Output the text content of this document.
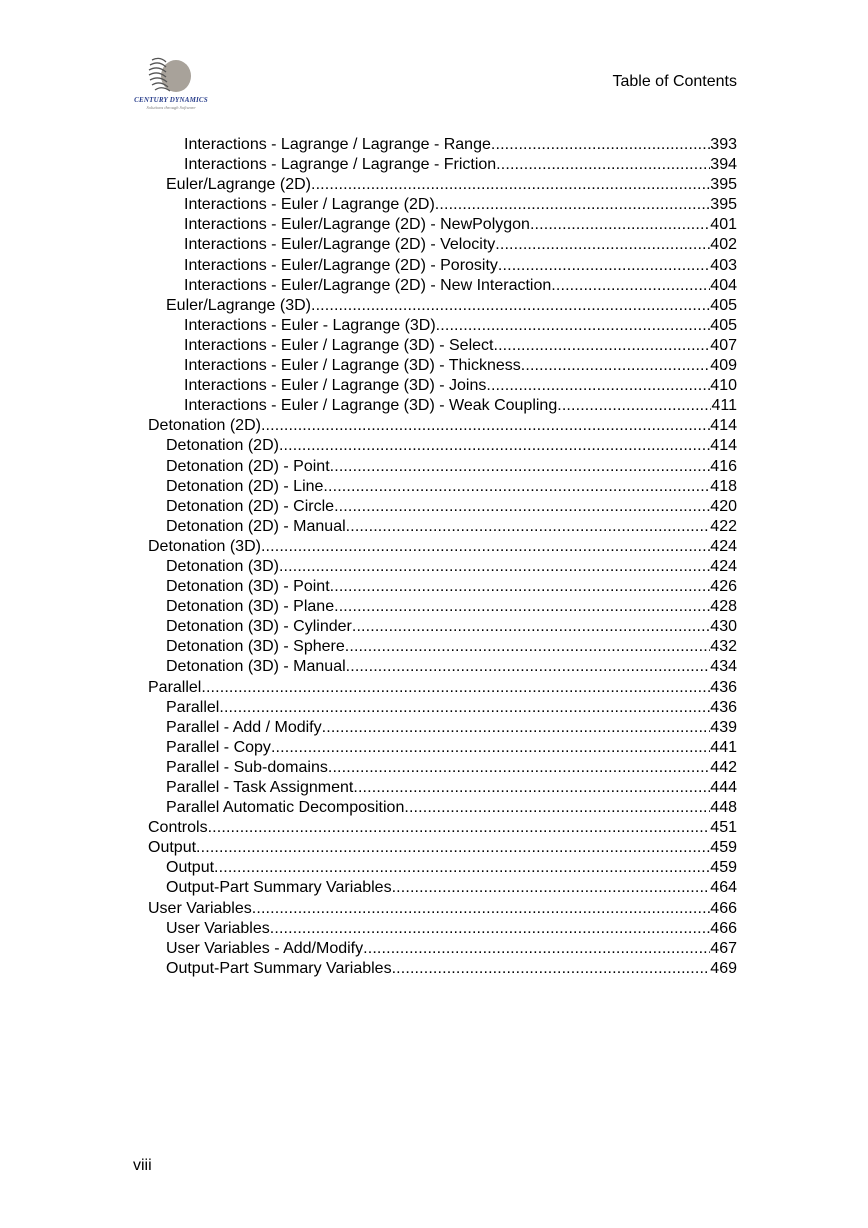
CENTURY DYNAMICS
Solutions through Software
Table of Contents
Interactions - Lagrange / Lagrange - Range .....	393
Interactions - Lagrange / Lagrange - Friction .....	394
Euler/Lagrange (2D) .....	395
Interactions - Euler / Lagrange (2D) .....	395
Interactions - Euler/Lagrange (2D) - NewPolygon .....	401
Interactions - Euler/Lagrange (2D) - Velocity .....	402
Interactions - Euler/Lagrange (2D) - Porosity .....	403
Interactions - Euler/Lagrange (2D) - New Interaction .....	404
Euler/Lagrange (3D) .....	405
Interactions - Euler - Lagrange (3D) .....	405
Interactions - Euler / Lagrange (3D) - Select .....	407
Interactions - Euler / Lagrange (3D) - Thickness .....	409
Interactions - Euler / Lagrange (3D) - Joins .....	410
Interactions - Euler / Lagrange (3D) - Weak Coupling .....	411
Detonation (2D) .....	414
Detonation (2D) .....	414
Detonation (2D) - Point .....	416
Detonation (2D) - Line .....	418
Detonation (2D) - Circle .....	420
Detonation (2D) - Manual .....	422
Detonation (3D) .....	424
Detonation (3D) .....	424
Detonation (3D) - Point .....	426
Detonation (3D) - Plane .....	428
Detonation (3D) - Cylinder .....	430
Detonation (3D) - Sphere .....	432
Detonation (3D) - Manual .....	434
Parallel .....	436
Parallel .....	436
Parallel - Add / Modify .....	439
Parallel - Copy .....	441
Parallel - Sub-domains .....	442
Parallel - Task Assignment .....	444
Parallel Automatic Decomposition .....	448
Controls .....	451
Output .....	459
Output .....	459
Output-Part Summary Variables .....	464
User Variables .....	466
User Variables .....	466
User Variables - Add/Modify .....	467
Output-Part Summary Variables .....	469
viii
